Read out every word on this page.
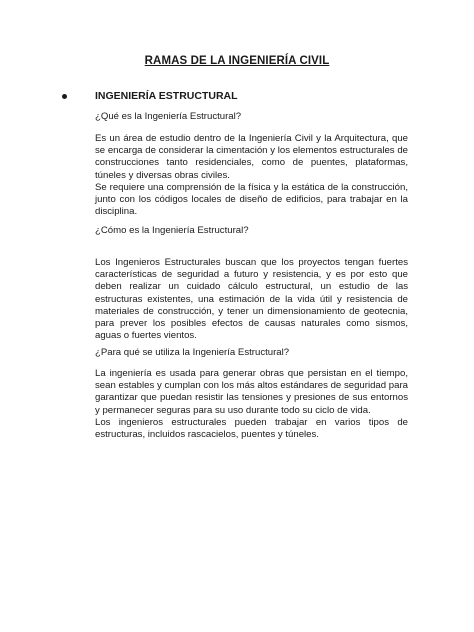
RAMAS DE LA INGENIERÍA CIVIL
INGENIERÍA ESTRUCTURAL
¿Qué es la Ingeniería Estructural?

Es un área de estudio dentro de la Ingeniería Civil y la Arquitectura, que se encarga de considerar la cimentación y los elementos estructurales de construcciones tanto residenciales, como de puentes, plataformas, túneles y diversas obras civiles.

Se requiere una comprensión de la física y la estática de la construcción, junto con los códigos locales de diseño de edificios, para trabajar en la disciplina.

¿Cómo es la Ingeniería Estructural?

Los Ingenieros Estructurales buscan que los proyectos tengan fuertes características de seguridad a futuro y resistencia, y es por esto que deben realizar un cuidado cálculo estructural, un estudio de las estructuras existentes, una estimación de la vida útil y resistencia de materiales de construcción, y tener un dimensionamiento de geotecnia, para prever los posibles efectos de causas naturales como sismos, aguas o fuertes vientos.

¿Para qué se utiliza la Ingeniería Estructural?

La ingeniería es usada para generar obras que persistan en el tiempo, sean estables y cumplan con los más altos estándares de seguridad para garantizar que puedan resistir las tensiones y presiones de sus entornos y permanecer seguras para su uso durante todo su ciclo de vida.

Los ingenieros estructurales pueden trabajar en varios tipos de estructuras, incluidos rascacielos, puentes y túneles.
